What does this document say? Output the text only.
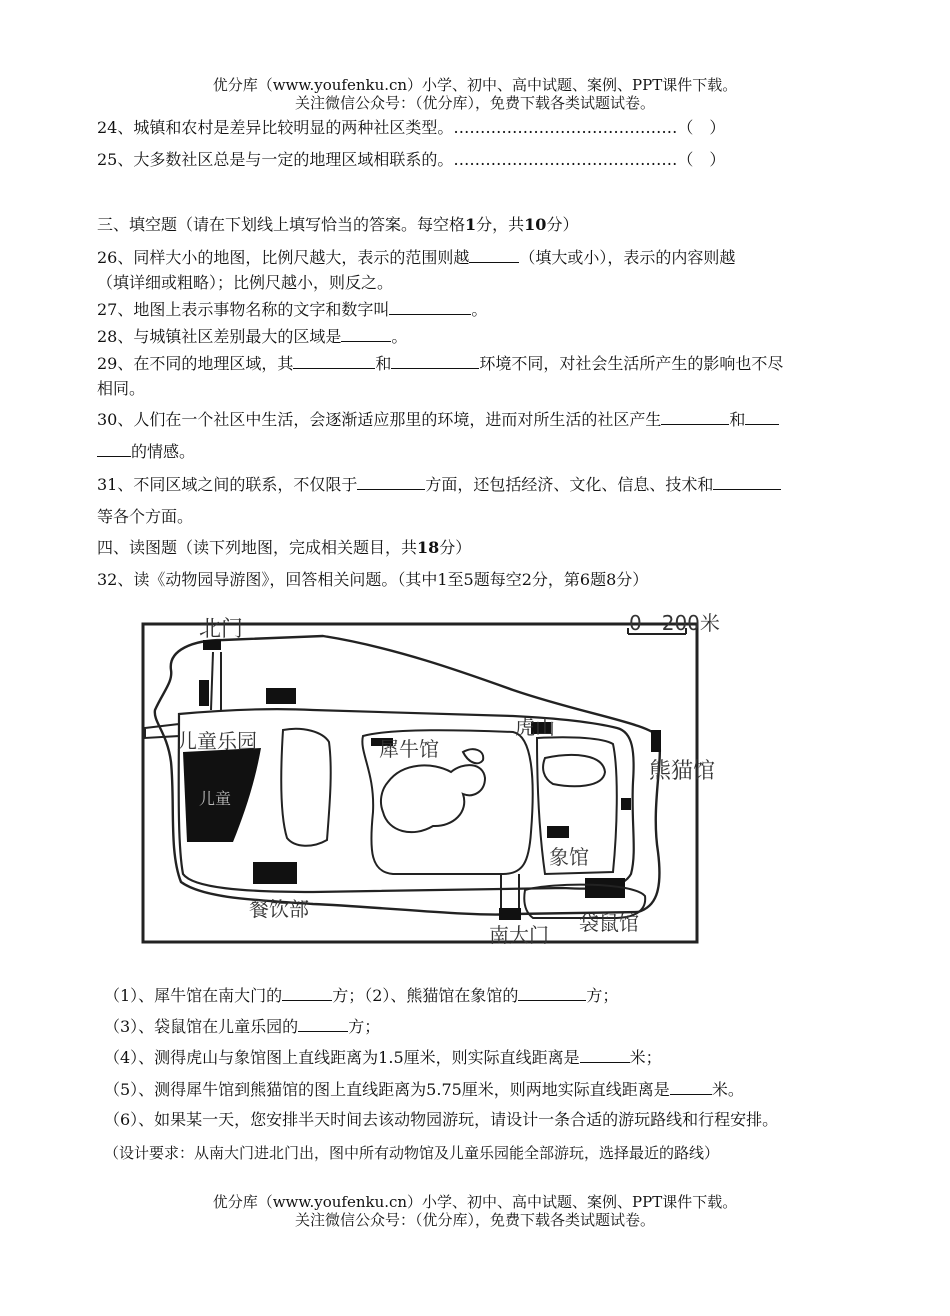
优分库（www.youfenku.cn）小学、初中、高中试题、案例、PPT课件下载。
关注微信公众号：（优分库），免费下载各类试题试卷。
24、城镇和农村是差异比较明显的两种社区类型。……………………………………（　）
25、大多数社区总是与一定的地理区域相联系的。……………………………………（　）
三、填空题（请在下划线上填写恰当的答案。每空格1分，共10分）
26、同样大小的地图，比例尺越大，表示的范围则越	（填大或小），表示的内容则越
（填详细或粗略）；比例尺越小，则反之。
27、地图上表示事物名称的文字和数字叫	。
28、与城镇社区差别最大的区域是	。
29、在不同的地理区域，其	和	环境不同，对社会生活所产生的影响也不尽
相同。
30、人们在一个社区中生活，会逐渐适应那里的环境，进而对所生活的社区产生	和
的情感。
31、不同区域之间的联系，不仅限于	方面，还包括经济、文化、信息、技术和
等各个方面。
四、读图题（读下列地图，完成相关题目，共18分）
32、读《动物园导游图》，回答相关问题。（其中1至5题每空2分，第6题8分）
北门	0　200米
儿童乐园
儿童
犀牛馆
虎山
熊猫馆
象馆
餐饮部
南大门 袋鼠馆
（1）、犀牛馆在南大门的	方；（2）、熊猫馆在象馆的	方；
（3）、袋鼠馆在儿童乐园的	方；
（4）、测得虎山与象馆图上直线距离为1.5厘米，则实际直线距离是	米；
（5）、测得犀牛馆到熊猫馆的图上直线距离为5.75厘米，则两地实际直线距离是	米。
（6）、如果某一天，您安排半天时间去该动物园游玩，请设计一条合适的游玩路线和行程安排。
（设计要求：从南大门进北门出，图中所有动物馆及儿童乐园能全部游玩，选择最近的路线）
优分库（www.youfenku.cn）小学、初中、高中试题、案例、PPT课件下载。
关注微信公众号：（优分库），免费下载各类试题试卷。
